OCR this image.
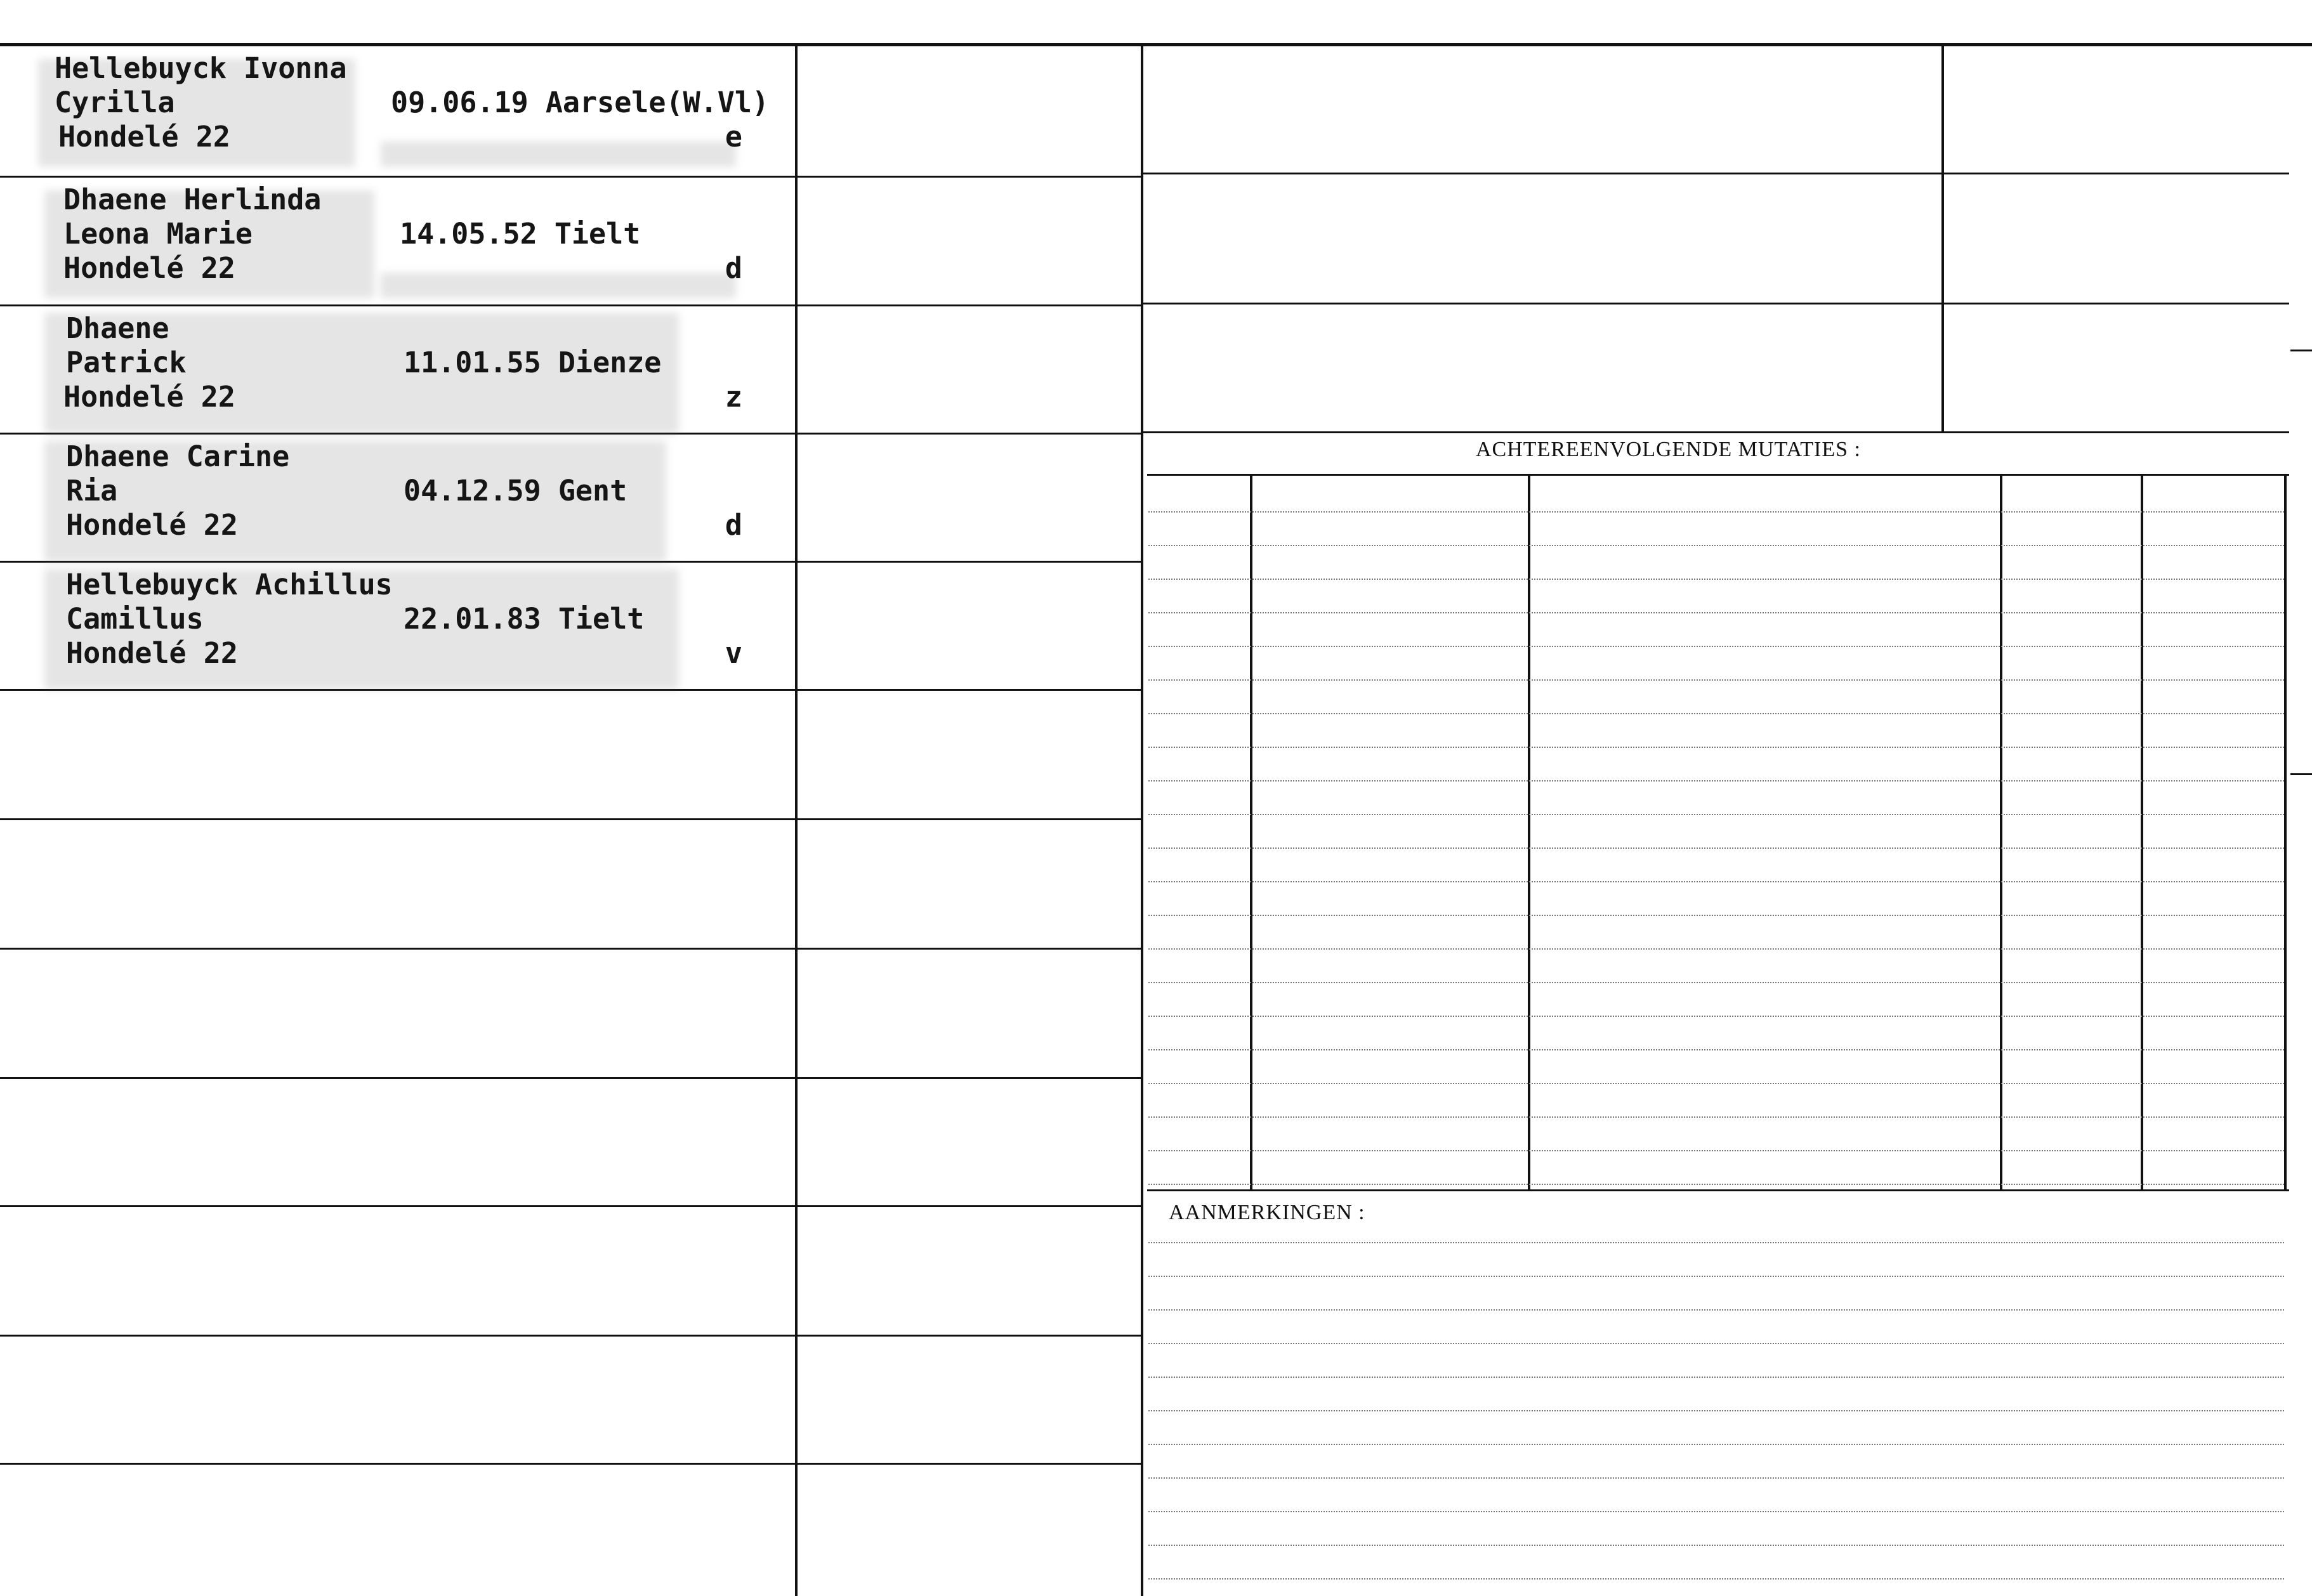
Hellebuyck Ivonna
Cyrilla	09.06.19 Aarsele(W.Vl)
Hondelé 22	e
Dhaene Herlinda
Leona Marie	14.05.52 Tielt
Hondelé 22	d
Dhaene
Patrick	11.01.55 Dienze
Hondelé 22	z
Dhaene Carine
Ria	04.12.59 Gent
Hondelé 22	d
Hellebuyck Achillus
Camillus	22.01.83 Tielt
Hondelé 22	v
ACHTEREENVOLGENDE MUTATIES :
AANMERKINGEN :
